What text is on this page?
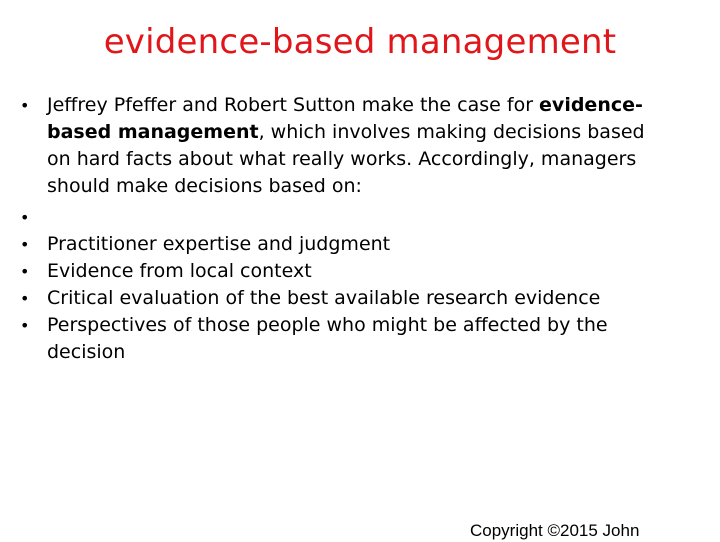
evidence-based management
• Jeffrey Pfeffer and Robert Sutton make the case for evidence-based management, which involves making decisions based on hard facts about what really works. Accordingly, managers should make decisions based on:
•

• Practitioner expertise and judgment
• Evidence from local context
• Critical evaluation of the best available research evidence
• Perspectives of those people who might be affected by the decision
Copyright ©2015 John
